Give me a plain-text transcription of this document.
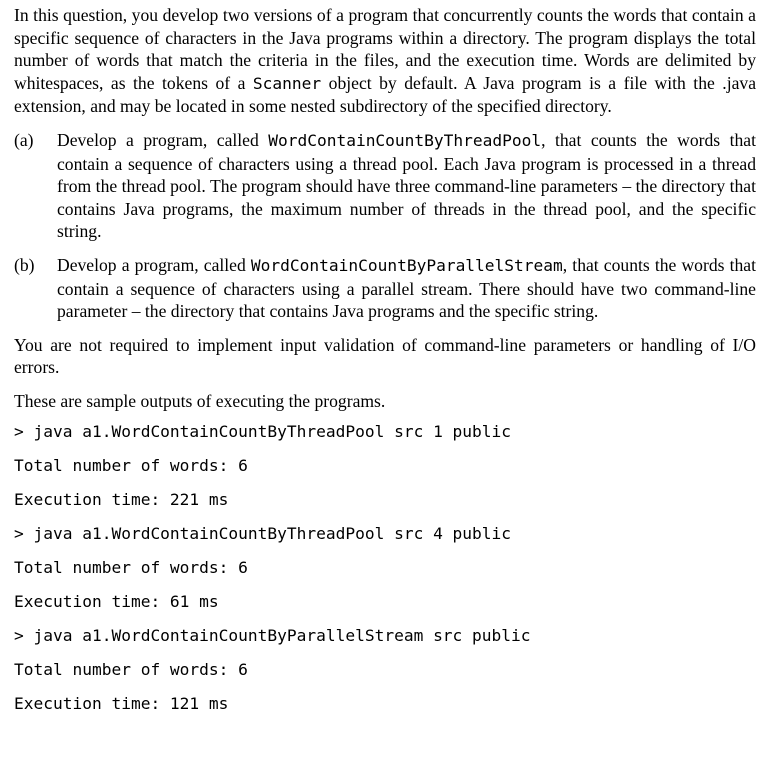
In this question, you develop two versions of a program that concurrently counts the words that contain a specific sequence of characters in the Java programs within a directory. The program displays the total number of words that match the criteria in the files, and the execution time. Words are delimited by whitespaces, as the tokens of a Scanner object by default. A Java program is a file with the .java extension, and may be located in some nested subdirectory of the specified directory.

(a)	Develop a program, called WordContainCountByThreadPool, that counts the words that contain a sequence of characters using a thread pool. Each Java program is processed in a thread from the thread pool. The program should have three command-line parameters – the directory that contains Java programs, the maximum number of threads in the thread pool, and the specific string.

(b)	Develop a program, called WordContainCountByParallelStream, that counts the words that contain a sequence of characters using a parallel stream. There should have two command-line parameter – the directory that contains Java programs and the specific string.

You are not required to implement input validation of command-line parameters or handling of I/O errors.

These are sample outputs of executing the programs.

> java a1.WordContainCountByThreadPool src 1 public
Total number of words: 6
Execution time: 221 ms
> java a1.WordContainCountByThreadPool src 4 public
Total number of words: 6
Execution time: 61 ms
> java a1.WordContainCountByParallelStream src public
Total number of words: 6
Execution time: 121 ms
